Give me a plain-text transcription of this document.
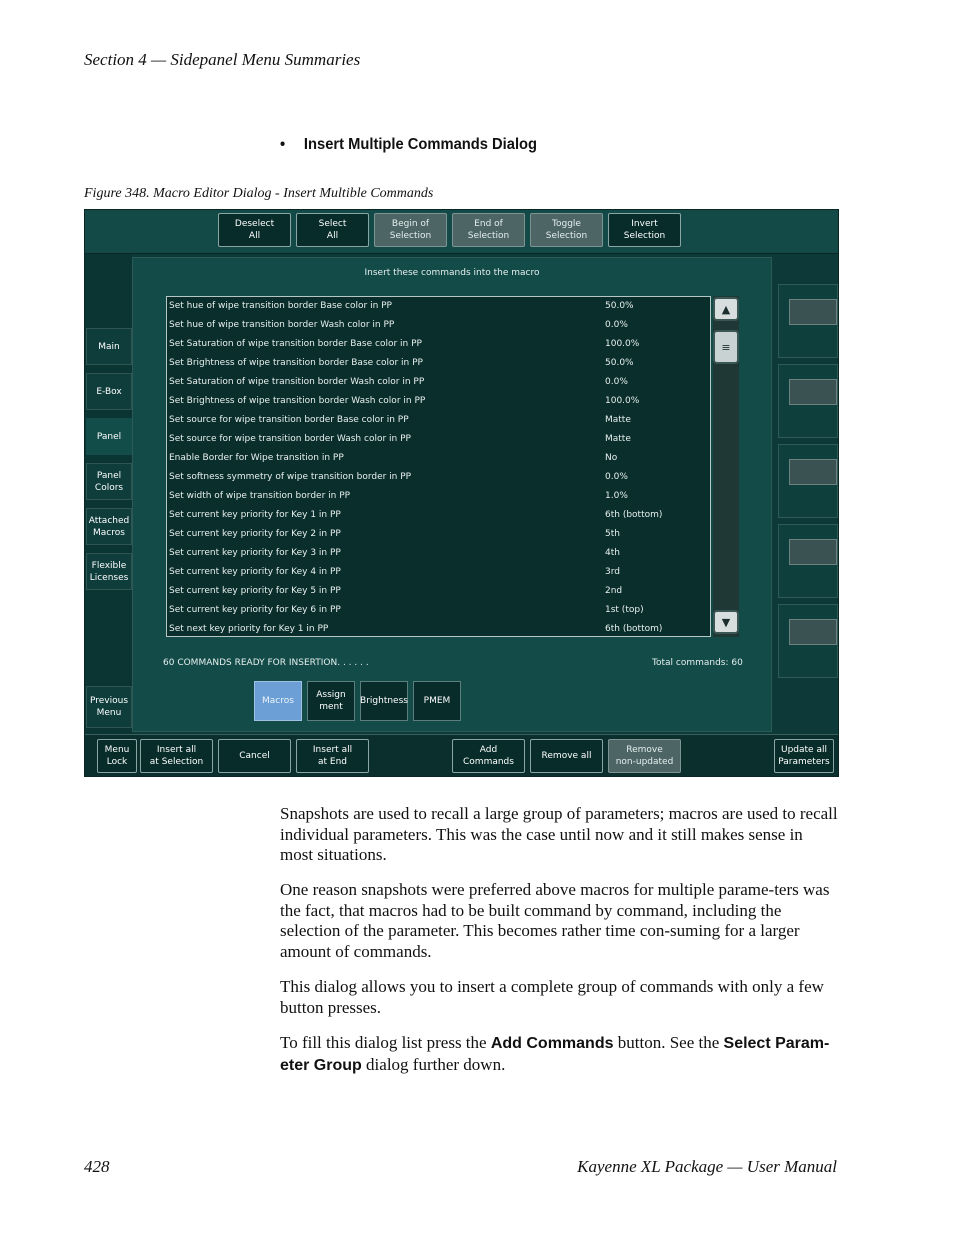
Section 4 — Sidepanel Menu Summaries
• Insert Multiple Commands Dialog
Figure 348. Macro Editor Dialog - Insert Multible Commands
Deselect
All
Select
All
Begin of
Selection
End of
Selection
Toggle
Selection
Invert
Selection
Main
E-Box
Panel
Panel
Colors
Attached
Macros
Flexible
Licenses
Previous
Menu
Insert these commands into the macro
Set hue of wipe transition border Base color in PP	50.0%
Set hue of wipe transition border Wash color in PP	0.0%
Set Saturation of wipe transition border Base color in PP	100.0%
Set Brightness of wipe transition border Base color in PP	50.0%
Set Saturation of wipe transition border Wash color in PP	0.0%
Set Brightness of wipe transition border Wash color in PP	100.0%
Set source for wipe transition border Base color in PP	Matte
Set source for wipe transition border Wash color in PP	Matte
Enable Border for Wipe transition in PP	No
Set softness symmetry of wipe transition border in PP	0.0%
Set width of wipe transition border in PP	1.0%
Set current key priority for Key 1 in PP	6th (bottom)
Set current key priority for Key 2 in PP	5th
Set current key priority for Key 3 in PP	4th
Set current key priority for Key 4 in PP	3rd
Set current key priority for Key 5 in PP	2nd
Set current key priority for Key 6 in PP	1st (top)
Set next key priority for Key 1 in PP	6th (bottom)
▲
≡
▼
60 COMMANDS READY FOR INSERTION. . . . . .	Total commands: 60
Macros
Assign
ment
Brightness PMEM
Menu
Lock
Insert all
at Selection
Cancel
Insert all
at End
Add
Commands
Remove all
Remove
non-updated
Update all
Parameters
Snapshots are used to recall a large group of parameters; macros are used to recall individual parameters. This was the case until now and it still makes sense in most situations.
One reason snapshots were preferred above macros for multiple parame-ters was the fact, that macros had to be built command by command, including the selection of the parameter. This becomes rather time con-suming for a larger amount of commands.
This dialog allows you to insert a complete group of commands with only a few button presses.
To fill this dialog list press the Add Commands button. See the Select Param-eter Group dialog further down.
428	Kayenne XL Package — User Manual
